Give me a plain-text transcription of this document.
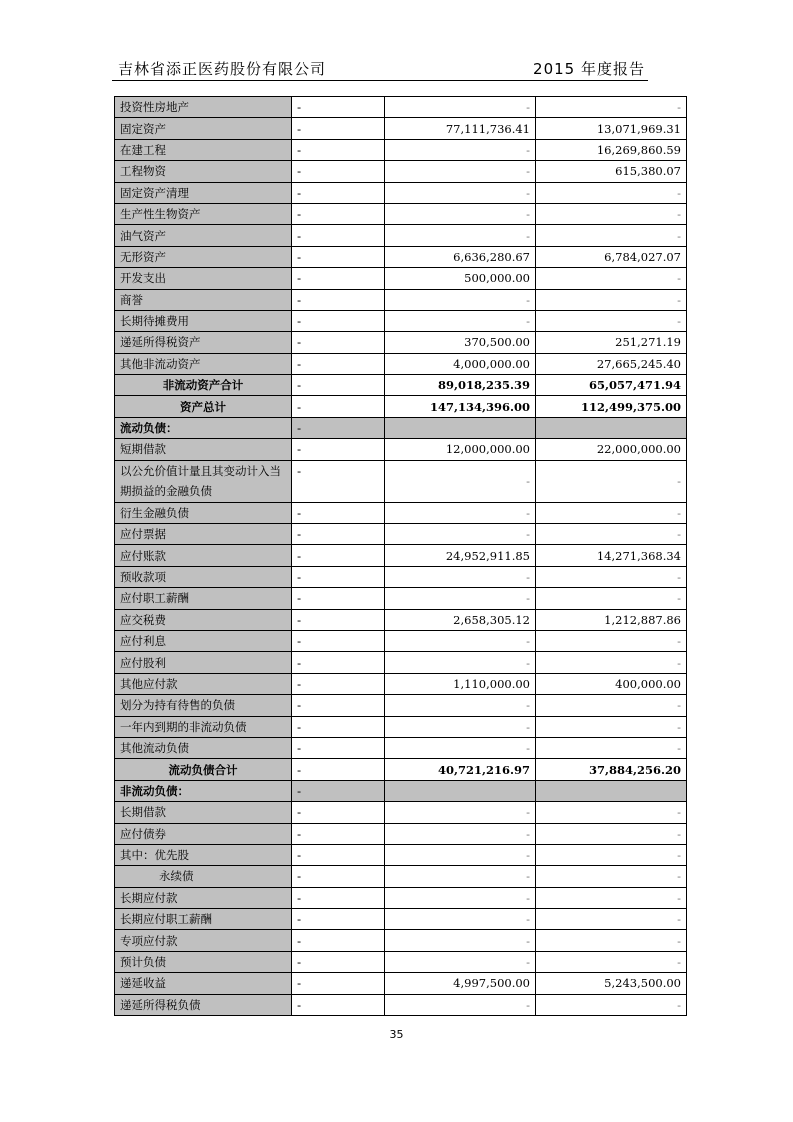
吉林省添正医药股份有限公司	2015 年度报告
投资性房地产	-	-	-
固定资产	-	77,111,736.41	13,071,969.31
在建工程	-	-	16,269,860.59
工程物资	-	-	615,380.07
固定资产清理	-	-	-
生产性生物资产	-	-	-
油气资产	-	-	-
无形资产	-	6,636,280.67	6,784,027.07
开发支出	-	500,000.00	-
商誉	-	-	-
长期待摊费用	-	-	-
递延所得税资产	-	370,500.00	251,271.19
其他非流动资产	-	4,000,000.00	27,665,245.40
非流动资产合计	-	89,018,235.39	65,057,471.94
资产总计	-	147,134,396.00	112,499,375.00
流动负债：	-		
短期借款	-	12,000,000.00	22,000,000.00
以公允价值计量且其变动计入当期损益的金融负债	-	-	-
衍生金融负债	-	-	-
应付票据	-	-	-
应付账款	-	24,952,911.85	14,271,368.34
预收款项	-	-	-
应付职工薪酬	-	-	-
应交税费	-	2,658,305.12	1,212,887.86
应付利息	-	-	-
应付股利	-	-	-
其他应付款	-	1,110,000.00	400,000.00
划分为持有待售的负债	-	-	-
一年内到期的非流动负债	-	-	-
其他流动负债	-	-	-
流动负债合计	-	40,721,216.97	37,884,256.20
非流动负债：	-		
长期借款	-	-	-
应付债券	-	-	-
其中：优先股	-	-	-
永续债	-	-	-
长期应付款	-	-	-
长期应付职工薪酬	-	-	-
专项应付款	-	-	-
预计负债	-	-	-
递延收益	-	4,997,500.00	5,243,500.00
递延所得税负债	-	-	-
35
